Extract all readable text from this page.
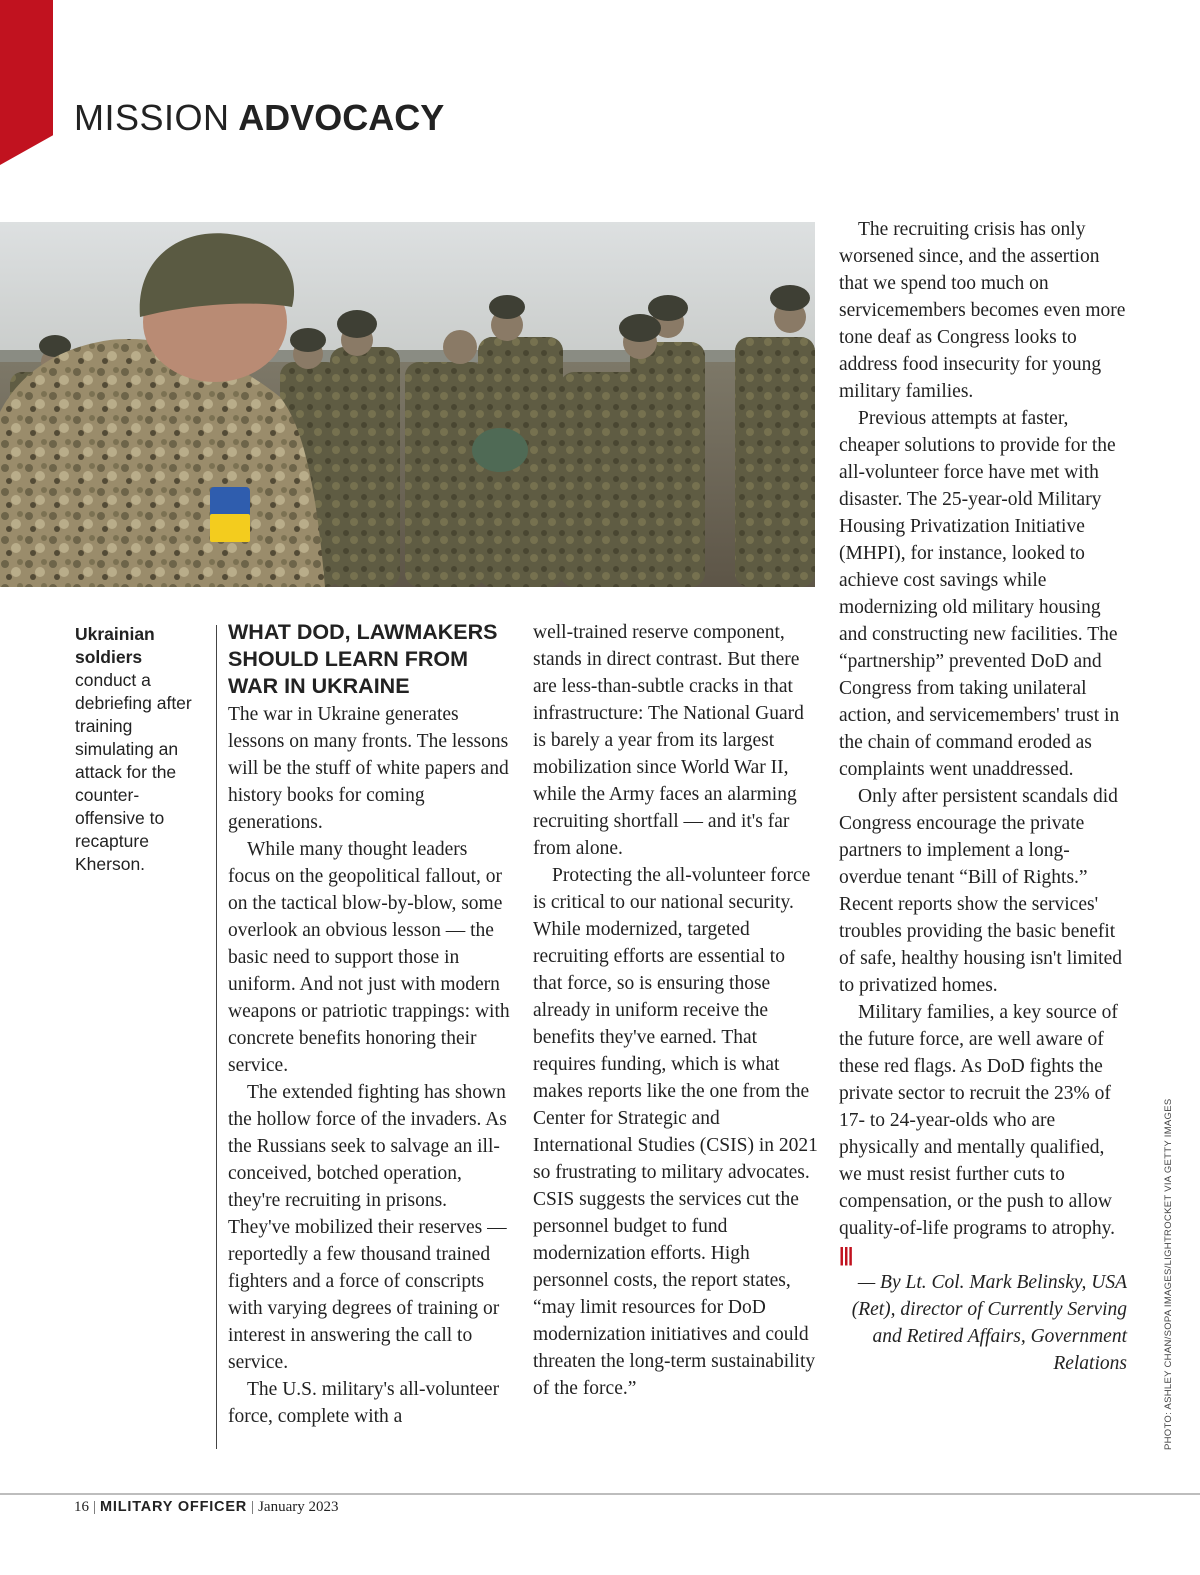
MISSION ADVOCACY
Ukrainian soldiers conduct a debriefing after training simulating an attack for the counter-offensive to recapture Kherson.
WHAT DOD, LAWMAKERS SHOULD LEARN FROM WAR IN UKRAINE

The war in Ukraine generates lessons on many fronts. The lessons will be the stuff of white papers and history books for coming generations.

While many thought leaders focus on the geopolitical fallout, or on the tactical blow-by-blow, some overlook an obvious lesson — the basic need to support those in uniform. And not just with modern weapons or patriotic trappings: with concrete benefits honoring their service.

The extended fighting has shown the hollow force of the invaders. As the Russians seek to salvage an ill-conceived, botched operation, they're recruiting in prisons. They've mobilized their reserves — reportedly a few thousand trained fighters and a force of conscripts with varying degrees of training or interest in answering the call to service.

The U.S. military's all-volunteer force, complete with a

well-trained reserve component, stands in direct contrast. But there are less-than-subtle cracks in that infrastructure: The National Guard is barely a year from its largest mobilization since World War II, while the Army faces an alarming recruiting shortfall — and it's far from alone.

Protecting the all-volunteer force is critical to our national security. While modernized, targeted recruiting efforts are essential to that force, so is ensuring those already in uniform receive the benefits they've earned. That requires funding, which is what makes reports like the one from the Center for Strategic and International Studies (CSIS) in 2021 so frustrating to military advocates. CSIS suggests the services cut the personnel budget to fund modernization efforts. High personnel costs, the report states, “may limit resources for DoD modernization initiatives and could threaten the long-term sustainability of the force.”

The recruiting crisis has only worsened since, and the assertion that we spend too much on servicemembers becomes even more tone deaf as Congress looks to address food insecurity for young military families.

Previous attempts at faster, cheaper solutions to provide for the all-volunteer force have met with disaster. The 25-year-old Military Housing Privatization Initiative (MHPI), for instance, looked to achieve cost savings while modernizing old military housing and constructing new facilities. The “partnership” prevented DoD and Congress from taking unilateral action, and servicemembers' trust in the chain of command eroded as complaints went unaddressed.

Only after persistent scandals did Congress encourage the private partners to implement a long-overdue tenant “Bill of Rights.” Recent reports show the services' troubles providing the basic benefit of safe, healthy housing isn't limited to privatized homes.

Military families, a key source of the future force, are well aware of these red flags. As DoD fights the private sector to recruit the 23% of 17- to 24-year-olds who are physically and mentally qualified, we must resist further cuts to compensation, or the push to allow quality-of-life programs to atrophy. |||

— By Lt. Col. Mark Belinsky, USA (Ret), director of Currently Serving and Retired Affairs, Government Relations	PHOTO: ASHLEY CHAN/SOPA IMAGES/LIGHTROCKET VIA GETTY IMAGES
16 | MILITARY OFFICER | January 2023
